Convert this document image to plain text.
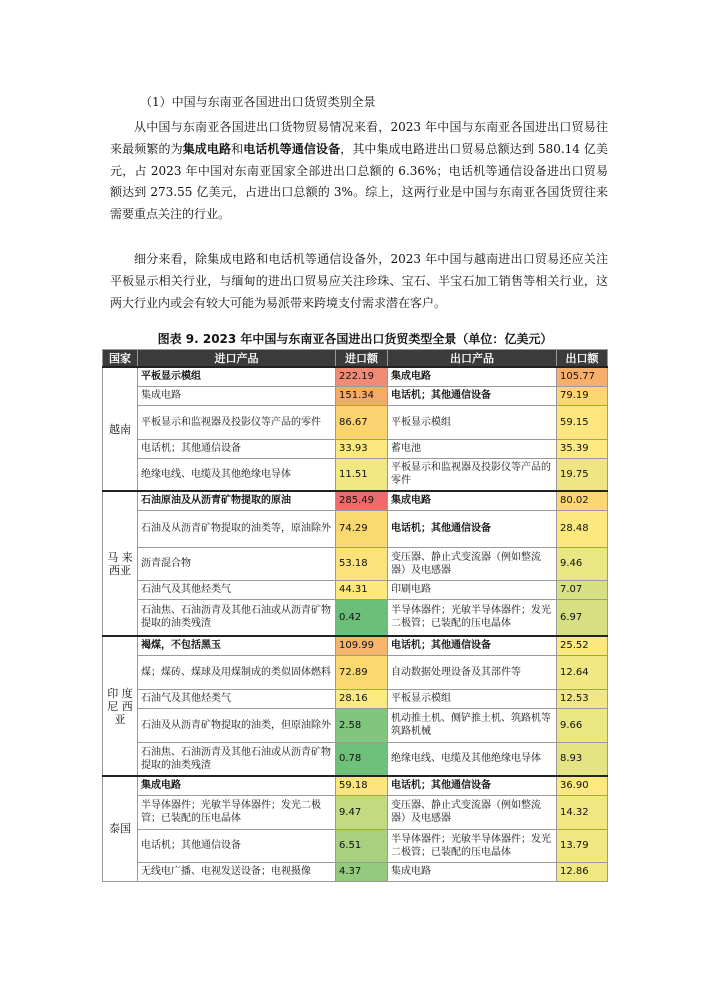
（1）中国与东南亚各国进出口货贸类别全景

从中国与东南亚各国进出口货物贸易情况来看，2023 年中国与东南亚各国进出口贸易往来最频繁的为集成电路和电话机等通信设备，其中集成电路进出口贸易总额达到 580.14 亿美元，占 2023 年中国对东南亚国家全部进出口总额的 6.36%；电话机等通信设备进出口贸易额达到 273.55 亿美元，占进出口总额的 3%。综上，这两行业是中国与东南亚各国货贸往来需要重点关注的行业。

细分来看，除集成电路和电话机等通信设备外，2023 年中国与越南进出口贸易还应关注平板显示相关行业，与缅甸的进出口贸易应关注珍珠、宝石、半宝石加工销售等相关行业，这两大行业内或会有较大可能为易派带来跨境支付需求潜在客户。

图表 9. 2023 年中国与东南亚各国进出口货贸类型全景（单位：亿美元）
国家	进口产品	进口额	出口产品	出口额
越南	平板显示模组	222.19	集成电路	105.77
	集成电路	151.34	电话机；其他通信设备	79.19
	平板显示和监视器及投影仪等产品的零件	86.67	平板显示模组	59.15
	电话机；其他通信设备	33.93	蓄电池	35.39
	绝缘电线、电缆及其他绝缘电导体	11.51	平板显示和监视器及投影仪等产品的零件	19.75
马 来
西亚	石油原油及从沥青矿物提取的原油	285.49	集成电路	80.02
	石油及从沥青矿物提取的油类等，原油除外	74.29	电话机；其他通信设备	28.48
	沥青混合物	53.18	变压器、静止式变流器（例如整流器）及电感器	9.46
	石油气及其他烃类气	44.31	印刷电路	7.07
	石油焦、石油沥青及其他石油或从沥青矿物提取的油类残渣	0.42	半导体器件；光敏半导体器件；发光二极管；已装配的压电晶体	6.97
印 度
尼 西
亚	褐煤，不包括黑玉	109.99	电话机；其他通信设备	25.52
	煤；煤砖、煤球及用煤制成的类似固体燃料	72.89	自动数据处理设备及其部件等	12.64
	石油气及其他烃类气	28.16	平板显示模组	12.53
	石油及从沥青矿物提取的油类，但原油除外	2.58	机动推土机、侧铲推土机、筑路机等筑路机械	9.66
	石油焦、石油沥青及其他石油或从沥青矿物提取的油类残渣	0.78	绝缘电线、电缆及其他绝缘电导体	8.93
泰国	集成电路	59.18	电话机；其他通信设备	36.90
	半导体器件；光敏半导体器件；发光二极管；已装配的压电晶体	9.47	变压器、静止式变流器（例如整流器）及电感器	14.32
	电话机；其他通信设备	6.51	半导体器件；光敏半导体器件；发光二极管；已装配的压电晶体	13.79
	无线电广播、电视发送设备；电视摄像	4.37	集成电路	12.86
